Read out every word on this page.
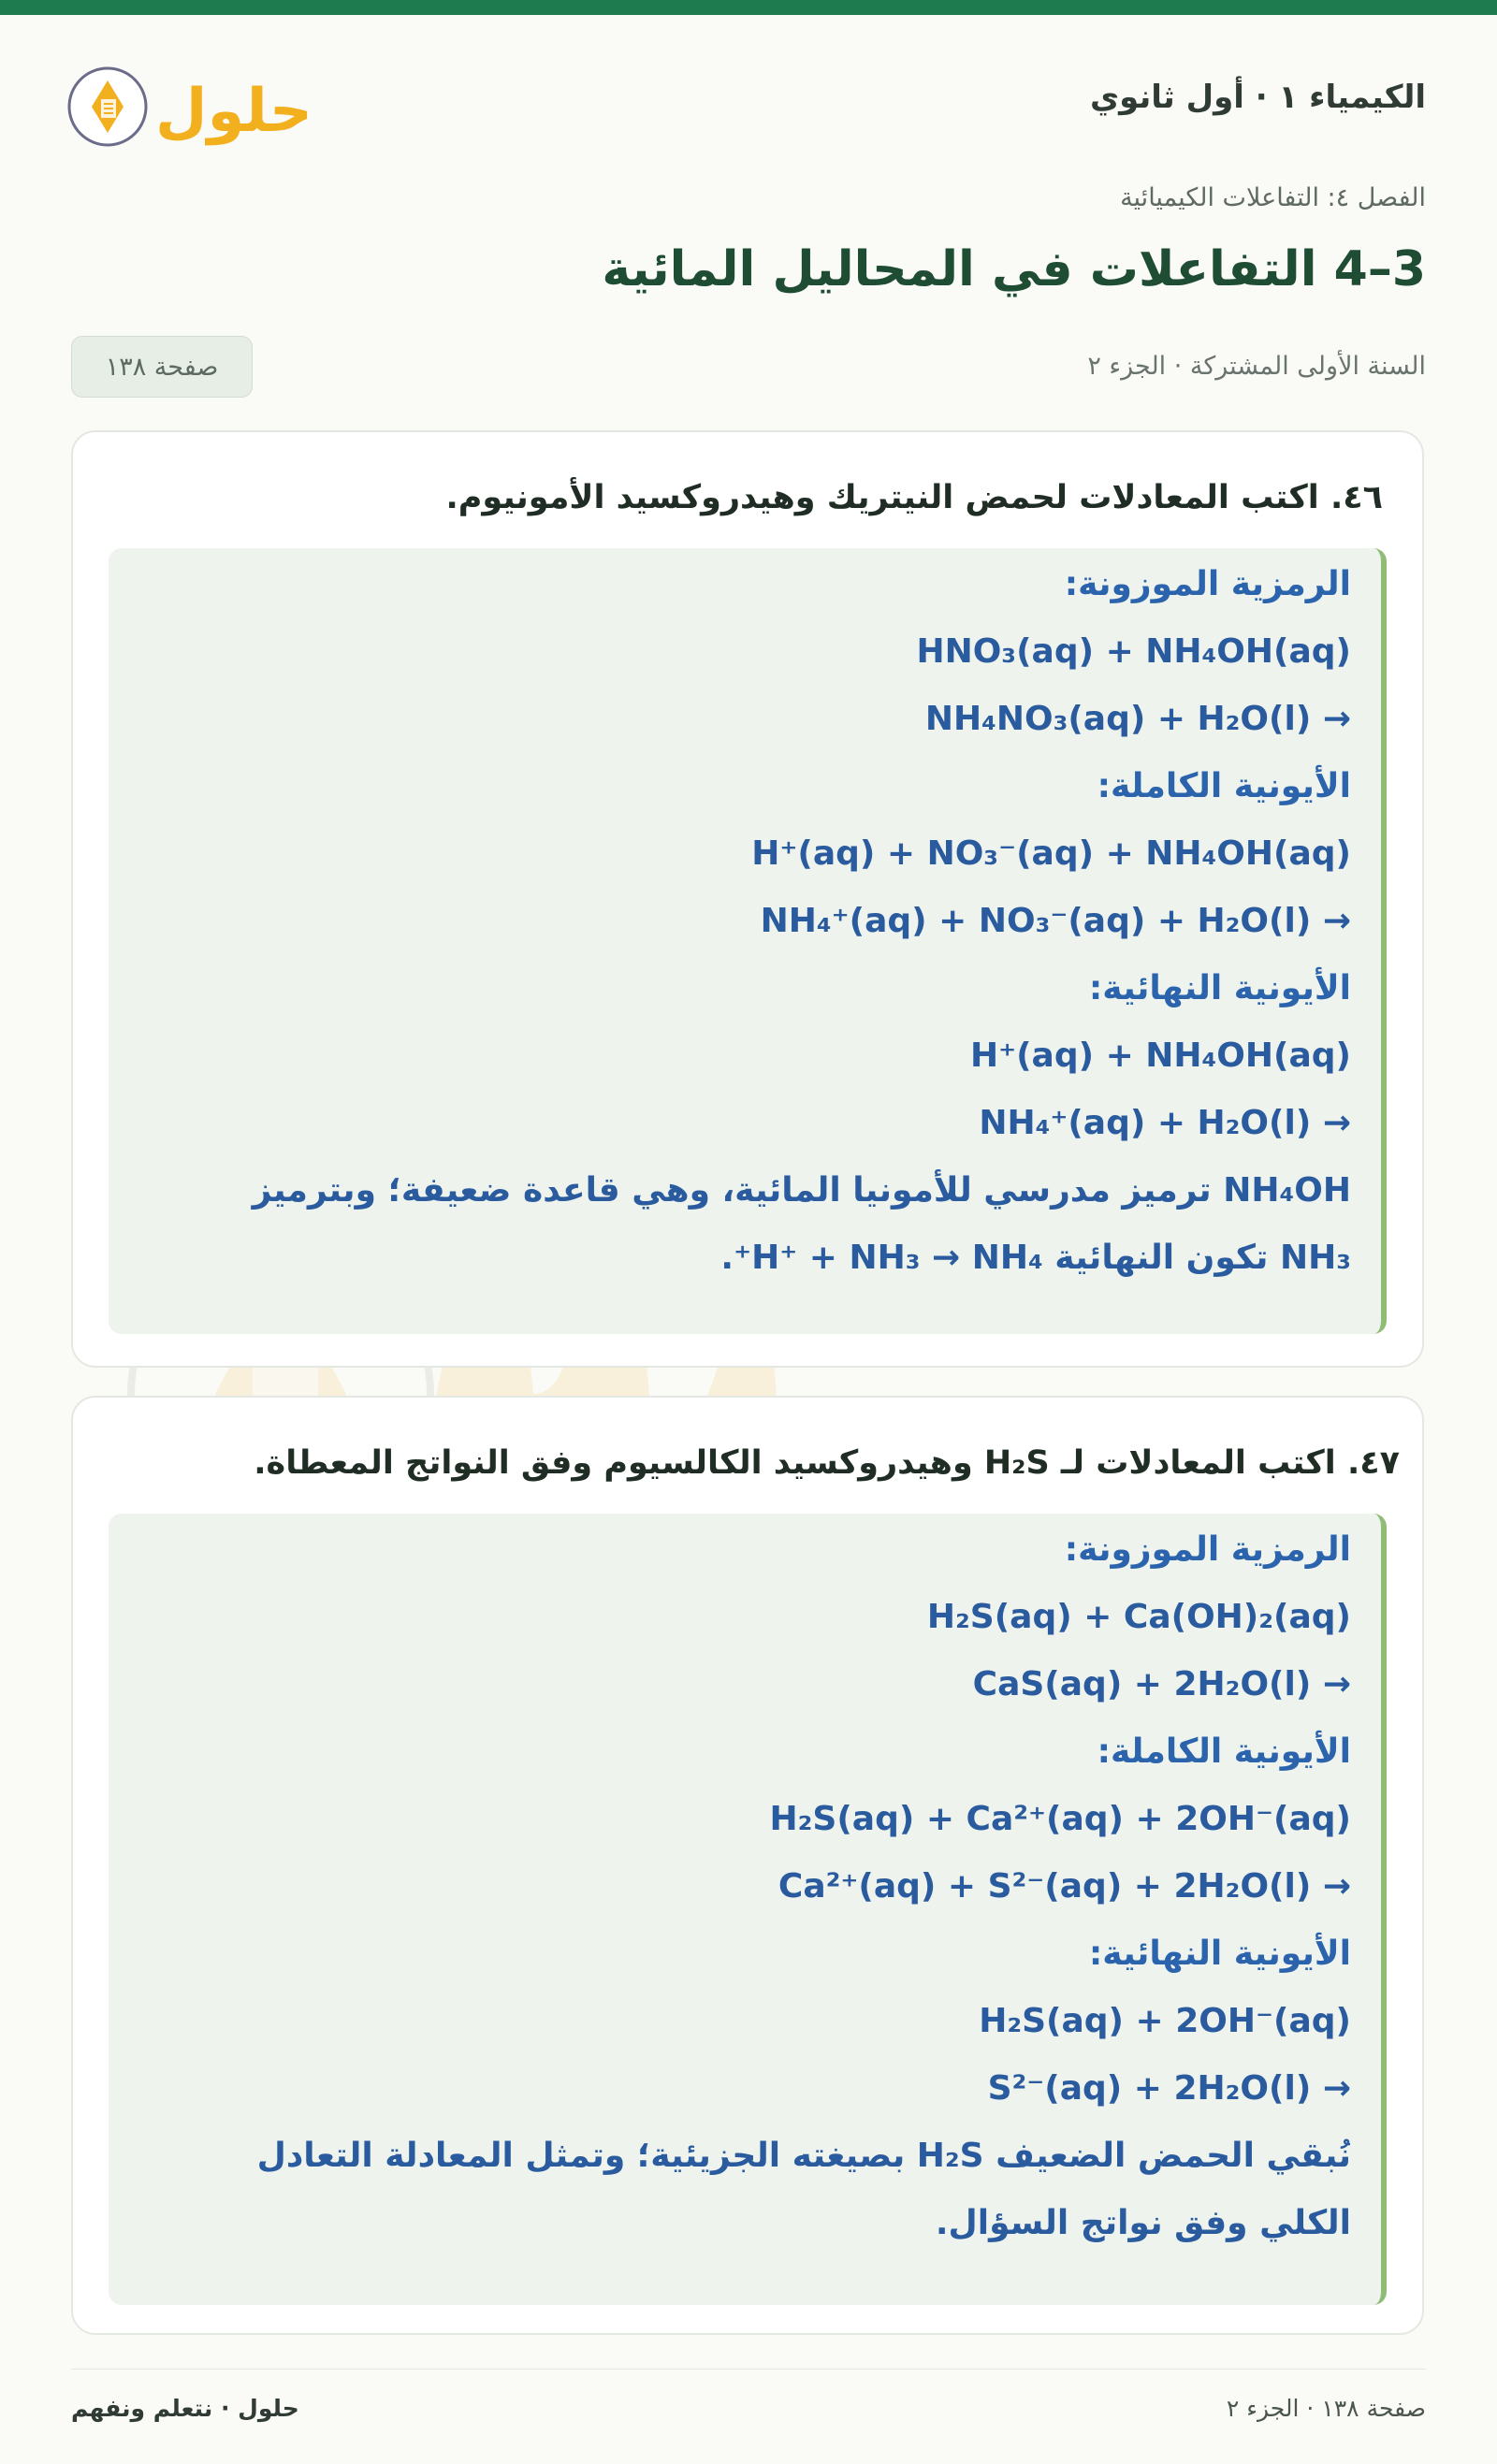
الكيمياء ١ · أول ثانوي
حلول
الفصل ٤: التفاعلات الكيميائية
3–4 التفاعلات في المحاليل المائية
السنة الأولى المشتركة · الجزء ٢
صفحة ١٣٨
٤٦. اكتب المعادلات لحمض النيتريك وهيدروكسيد الأمونيوم.
الرمزية الموزونة:
HNO₃(aq) + NH₄OH(aq)
→ NH₄NO₃(aq) + H₂O(l)
الأيونية الكاملة:
H⁺(aq) + NO₃⁻(aq) + NH₄OH(aq)
→ NH₄⁺(aq) + NO₃⁻(aq) + H₂O(l)
الأيونية النهائية:
H⁺(aq) + NH₄OH(aq)
→ NH₄⁺(aq) + H₂O(l)
NH₄OH ترميز مدرسي للأمونيا المائية، وهي قاعدة ضعيفة؛ وبترميز
NH₃ تكون النهائية H⁺ + NH₃ → NH₄⁺.
٤٧. اكتب المعادلات لـ H₂S وهيدروكسيد الكالسيوم وفق النواتج المعطاة.
الرمزية الموزونة:
H₂S(aq) + Ca(OH)₂(aq)
→ CaS(aq) + 2H₂O(l)
الأيونية الكاملة:
H₂S(aq) + Ca²⁺(aq) + 2OH⁻(aq)
→ Ca²⁺(aq) + S²⁻(aq) + 2H₂O(l)
الأيونية النهائية:
H₂S(aq) + 2OH⁻(aq)
→ S²⁻(aq) + 2H₂O(l)
نُبقي الحمض الضعيف H₂S بصيغته الجزيئية؛ وتمثل المعادلة التعادل
الكلي وفق نواتج السؤال.
صفحة ١٣٨ · الجزء ٢
حلول · نتعلم ونفهم
